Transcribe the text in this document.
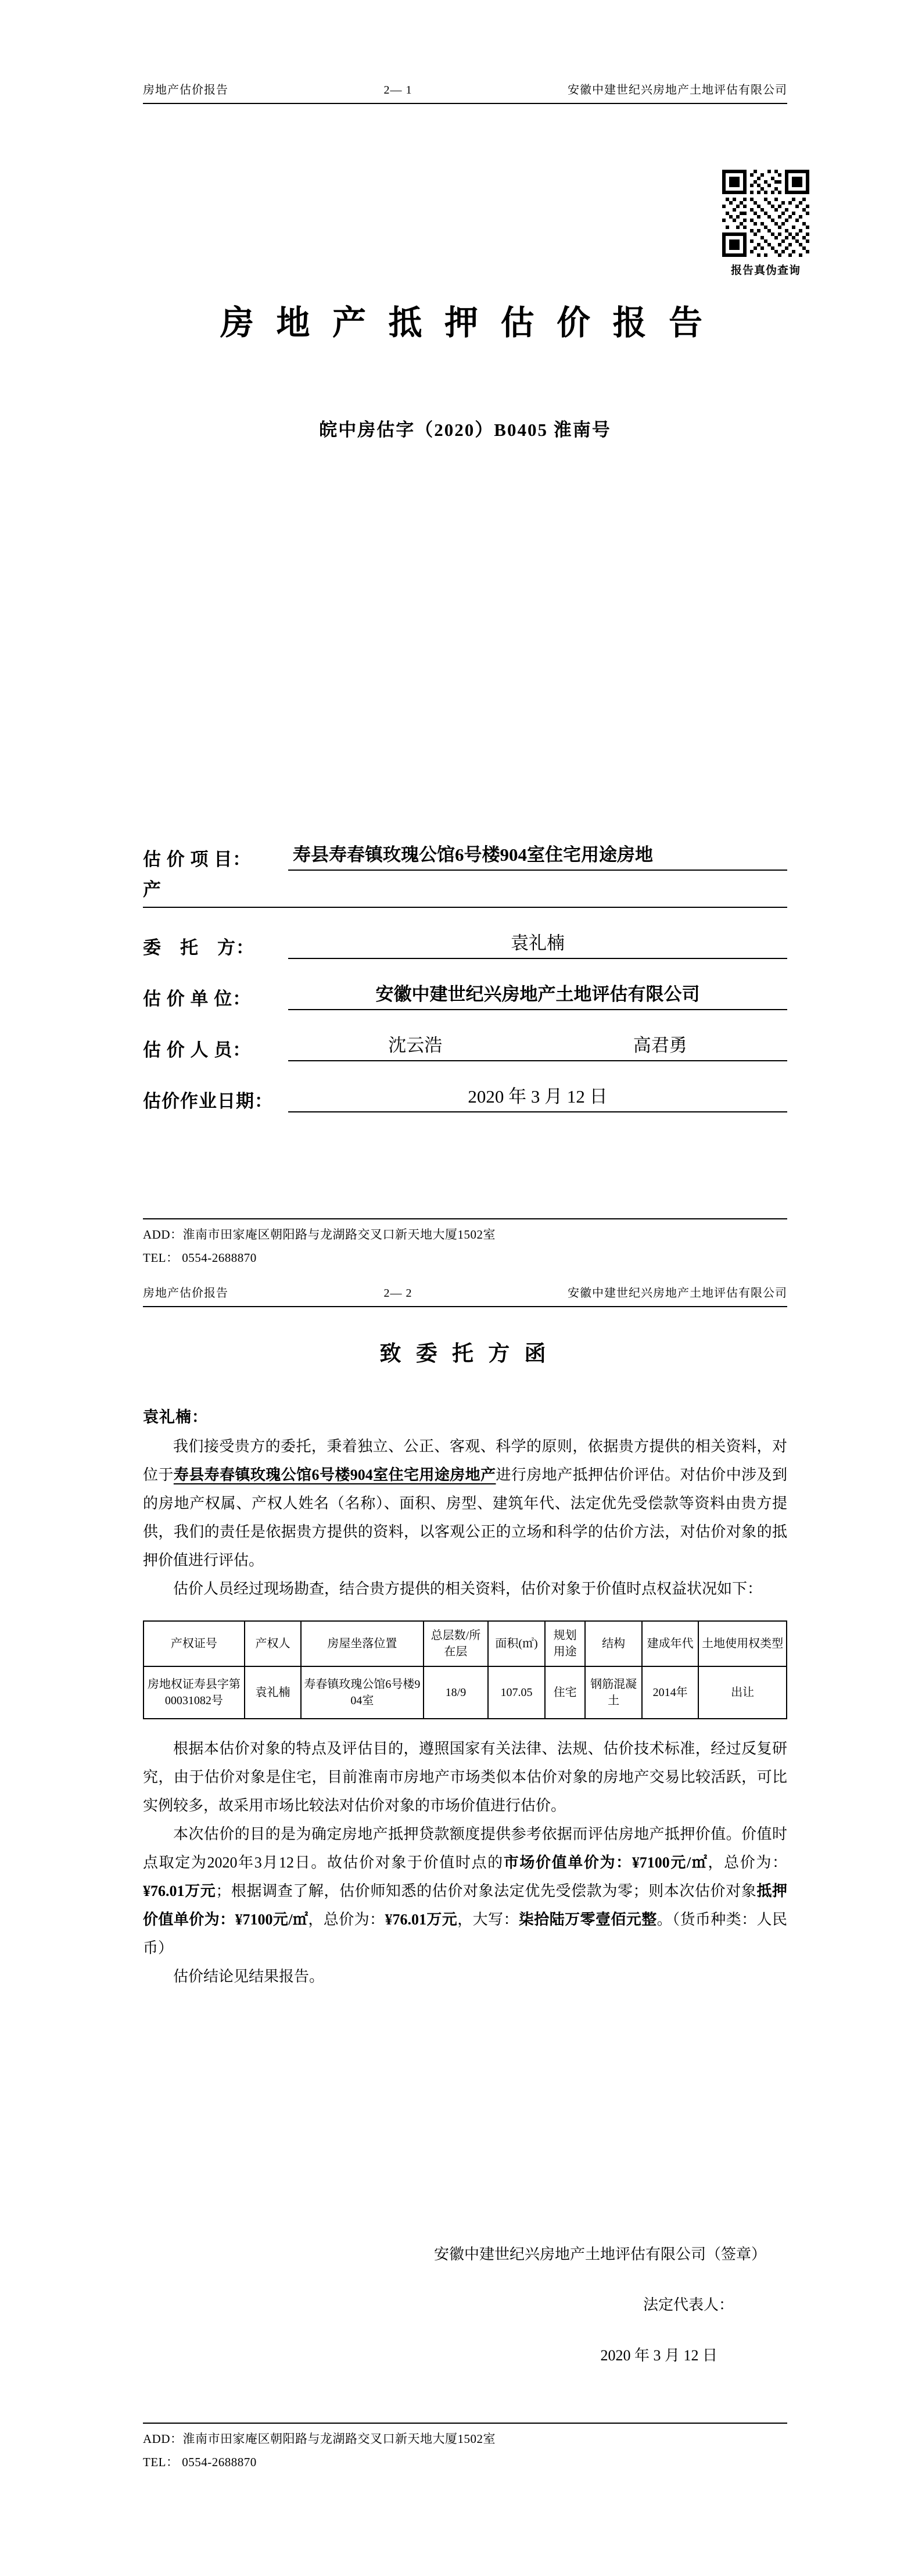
房地产估价报告	2— 1	安徽中建世纪兴房地产土地评估有限公司
报告真伪查询
房 地 产 抵 押 估 价 报 告
皖中房估字（2020）B0405 淮南号
估 价 项 目：	寿县寿春镇玫瑰公馆6号楼904室住宅用途房地
产
委　托　方：	袁礼楠
估 价 单 位：	安徽中建世纪兴房地产土地评估有限公司
估 价 人 员：	沈云浩	高君勇
估价作业日期：	2020 年 3 月 12 日
ADD：淮南市田家庵区朝阳路与龙湖路交叉口新天地大厦1502室
TEL： 0554-2688870
房地产估价报告	2— 2	安徽中建世纪兴房地产土地评估有限公司
致 委 托 方 函
袁礼楠：

我们接受贵方的委托，秉着独立、公正、客观、科学的原则，依据贵方提供的相关资料，对位于寿县寿春镇玫瑰公馆6号楼904室住宅用途房地产进行房地产抵押估价评估。对估价中涉及到的房地产权属、产权人姓名（名称）、面积、房型、建筑年代、法定优先受偿款等资料由贵方提供，我们的责任是依据贵方提供的资料，以客观公正的立场和科学的估价方法，对估价对象的抵押价值进行评估。

估价人员经过现场勘查，结合贵方提供的相关资料，估价对象于价值时点权益状况如下：

产权证号	产权人	房屋坐落位置	总层数/所在层	面积(㎡)	规划用途	结构	建成年代	土地使用权类型
房地权证寿县字第00031082号	袁礼楠	寿春镇玫瑰公馆6号楼904室	18/9	107.05	住宅	钢筋混凝土	2014年	出让

根据本估价对象的特点及评估目的，遵照国家有关法律、法规、估价技术标准，经过反复研究，由于估价对象是住宅，目前淮南市房地产市场类似本估价对象的房地产交易比较活跃，可比实例较多，故采用市场比较法对估价对象的市场价值进行估价。

本次估价的目的是为确定房地产抵押贷款额度提供参考依据而评估房地产抵押价值。价值时点取定为2020年3月12日。故估价对象于价值时点的市场价值单价为：¥7100元/㎡，总价为：¥76.01万元；根据调查了解，估价师知悉的估价对象法定优先受偿款为零；则本次估价对象抵押价值单价为：¥7100元/㎡，总价为：¥76.01万元，大写：柒拾陆万零壹佰元整。（货币种类：人民币）

估价结论见结果报告。

安徽中建世纪兴房地产土地评估有限公司（签章）
法定代表人：
2020 年 3 月 12 日
ADD：淮南市田家庵区朝阳路与龙湖路交叉口新天地大厦1502室
TEL： 0554-2688870
